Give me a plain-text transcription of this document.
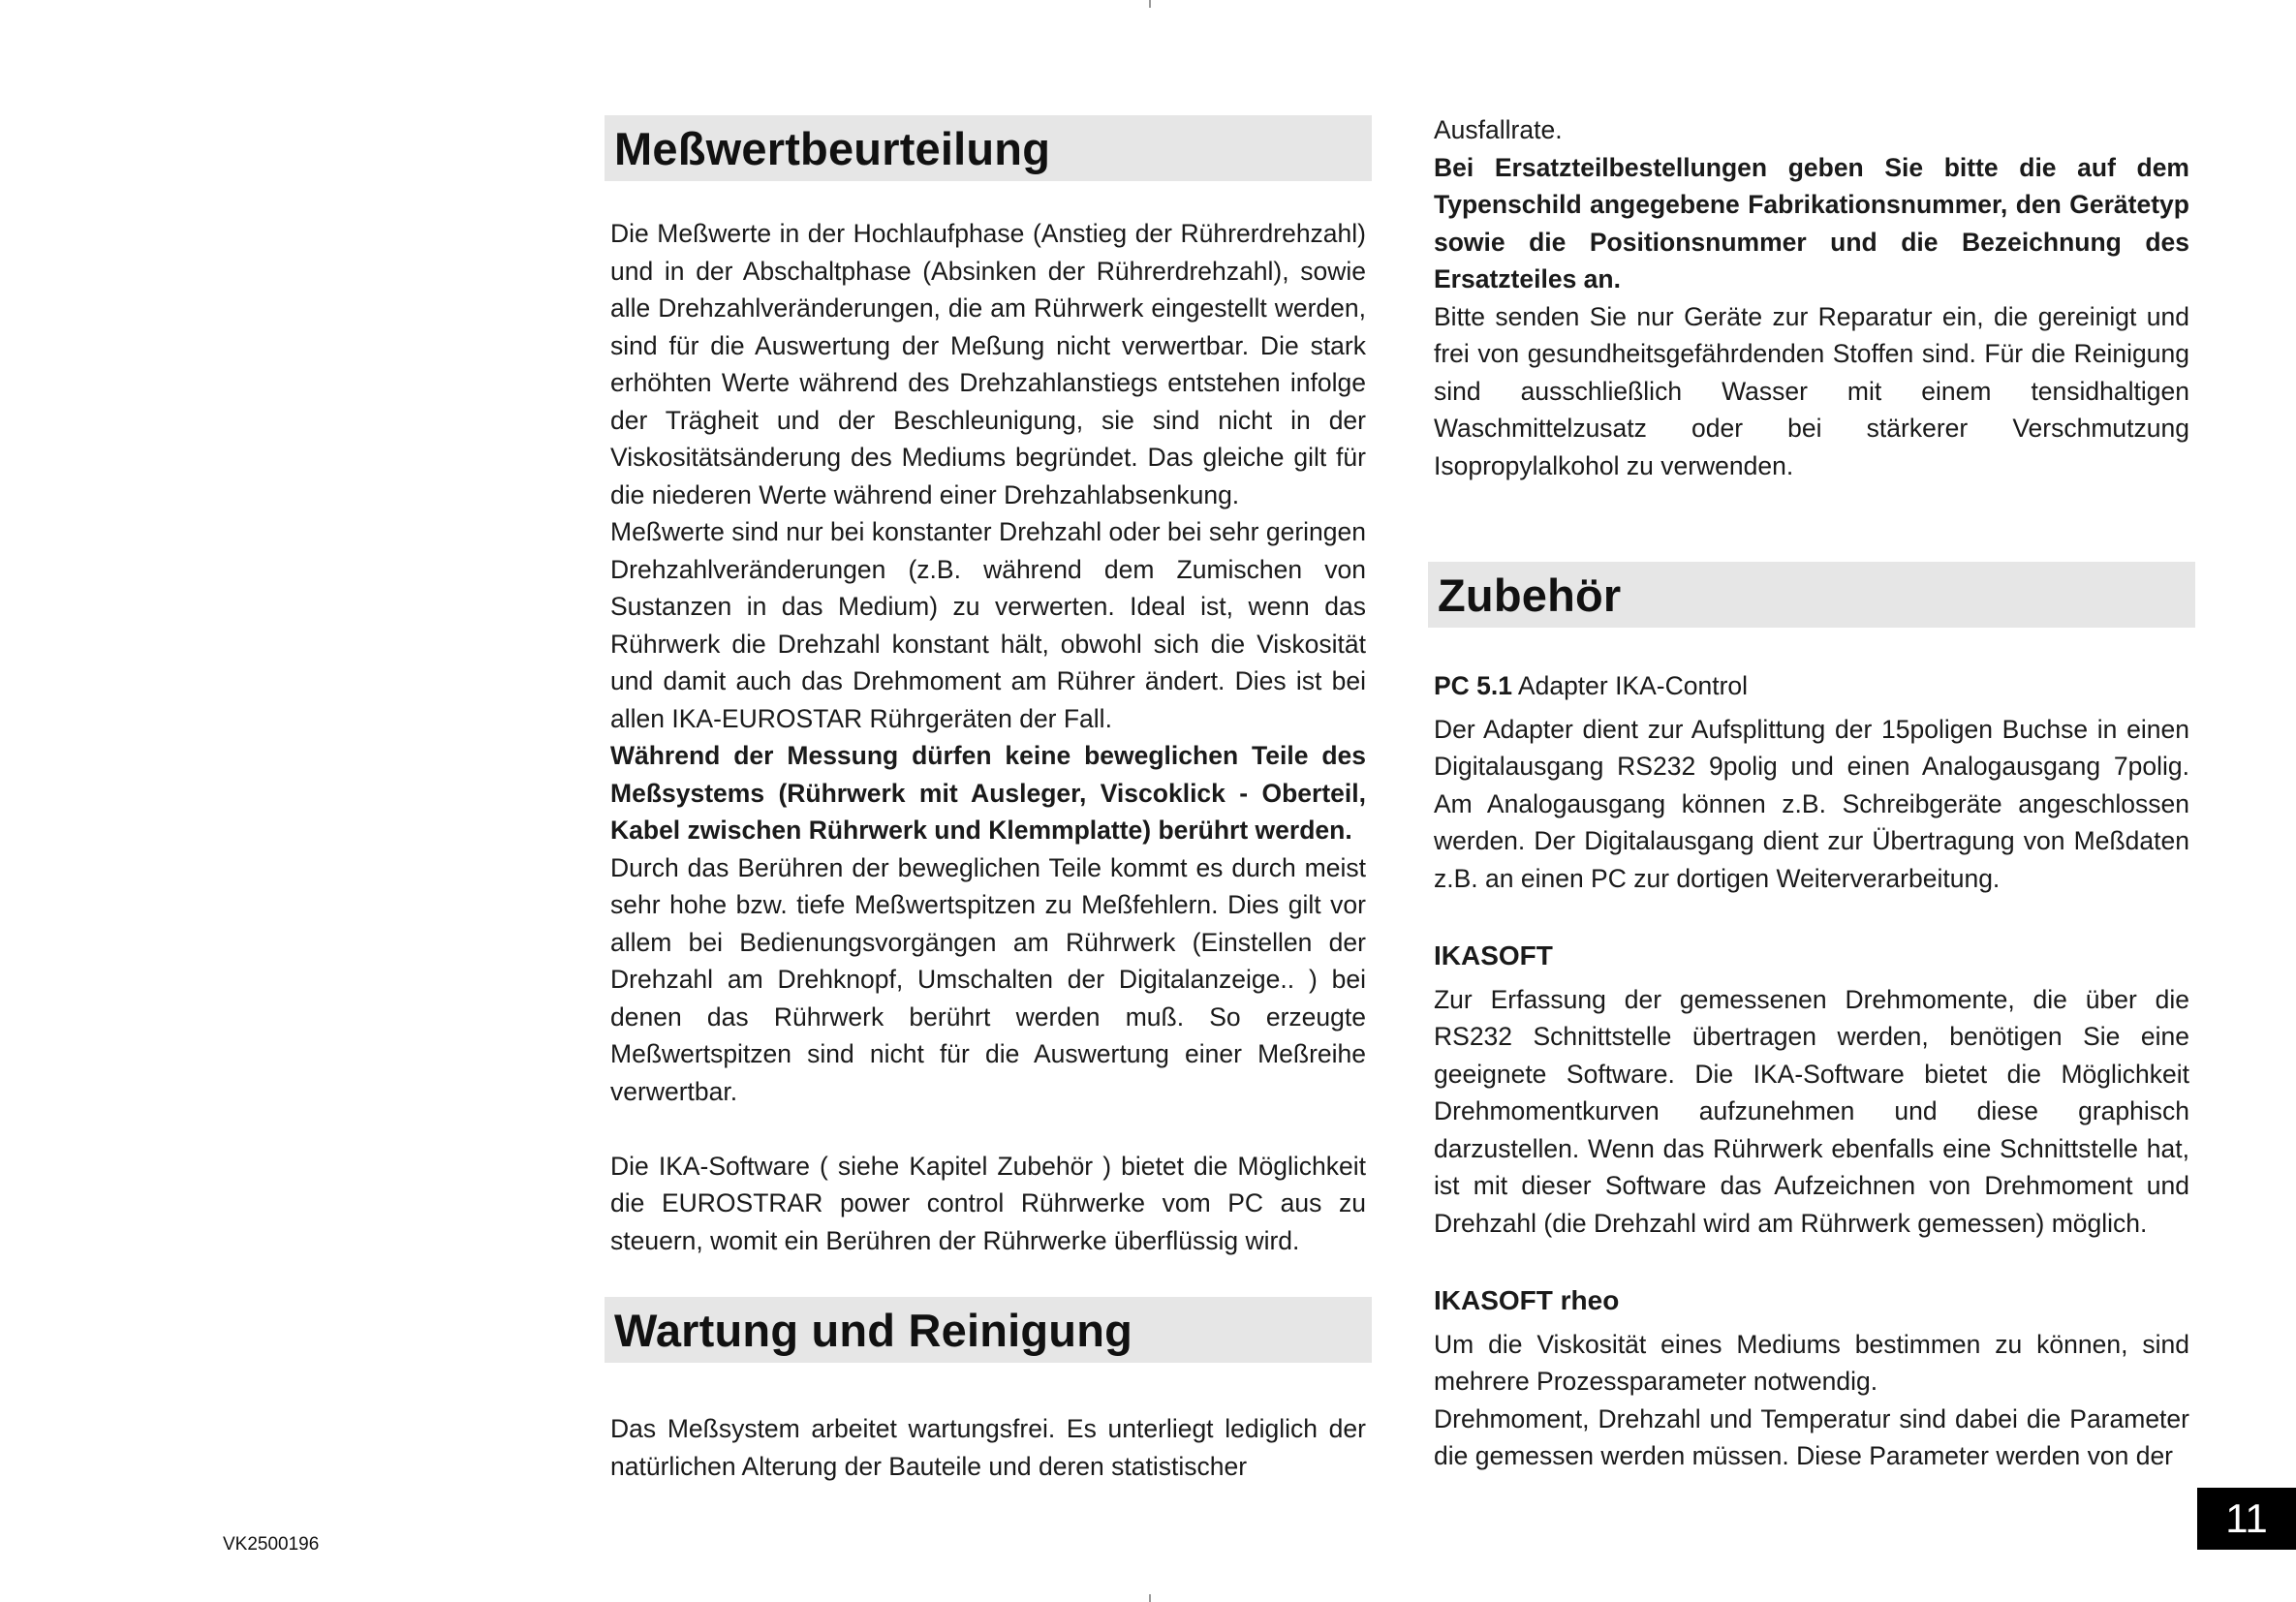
Meßwertbeurteilung

Die Meßwerte in der Hochlaufphase (Anstieg der Rührerdrehzahl) und in der Abschaltphase (Absinken der Rührerdrehzahl), sowie alle Drehzahlveränderungen, die am Rührwerk eingestellt werden, sind für die Auswertung der Meßung nicht verwertbar. Die stark erhöhten Werte während des Drehzahlanstiegs entstehen infolge der Trägheit und der Beschleunigung, sie sind nicht in der Viskositätsänderung des Mediums begründet. Das gleiche gilt für die niederen Werte während einer Drehzahlabsenkung.

Meßwerte sind nur bei konstanter Drehzahl oder bei sehr geringen Drehzahlveränderungen (z.B. während dem Zumischen von Sustanzen in das Medium) zu verwerten. Ideal ist, wenn das Rührwerk die Drehzahl konstant hält, obwohl sich die Viskosität und damit auch das Drehmoment am Rührer ändert. Dies ist bei allen IKA-EUROSTAR Rührgeräten der Fall.

Während der Messung dürfen keine beweglichen Teile des Meßsystems (Rührwerk mit Ausleger, Viscoklick - Oberteil, Kabel zwischen Rührwerk und Klemmplatte) berührt werden.

Durch das Berühren der beweglichen Teile kommt es durch meist sehr hohe bzw. tiefe Meßwertspitzen zu Meßfehlern. Dies gilt vor allem bei Bedienungsvorgängen am Rührwerk (Einstellen der Drehzahl am Drehknopf, Umschalten der Digitalanzeige.. ) bei denen das Rührwerk berührt werden muß. So erzeugte Meßwertspitzen sind nicht für die Auswertung einer Meßreihe verwertbar.

Die IKA-Software ( siehe Kapitel Zubehör ) bietet die Möglichkeit die EUROSTRAR power control Rührwerke vom PC aus zu steuern, womit ein Berühren der Rührwerke überflüssig wird.

Wartung und Reinigung

Das Meßsystem arbeitet wartungsfrei. Es unterliegt lediglich der natürlichen Alterung der Bauteile und deren statistischer

Ausfallrate.

Bei Ersatzteilbestellungen geben Sie bitte die auf dem Typenschild angegebene Fabrikationsnummer, den Gerätetyp sowie die Positionsnummer und die Bezeichnung des Ersatzteiles an.

Bitte senden Sie nur Geräte zur Reparatur ein, die gereinigt und frei von gesundheitsgefährdenden Stoffen sind. Für die Reinigung sind ausschließlich Wasser mit einem tensidhaltigen Waschmittelzusatz oder bei stärkerer Verschmutzung Isopropylalkohol zu verwenden.

Zubehör

PC 5.1 Adapter IKA-Control

Der Adapter dient zur Aufsplittung der 15poligen Buchse in einen Digitalausgang RS232 9polig und einen Analogausgang 7polig. Am Analogausgang können z.B. Schreibgeräte angeschlossen werden. Der Digitalausgang dient zur Übertragung von Meßdaten z.B. an einen PC zur dortigen Weiterverarbeitung.

IKASOFT

Zur Erfassung der gemessenen Drehmomente, die über die RS232 Schnittstelle übertragen werden, benötigen Sie eine geeignete Software. Die IKA-Software bietet die Möglichkeit Drehmomentkurven aufzunehmen und diese graphisch darzustellen. Wenn das Rührwerk ebenfalls eine Schnittstelle hat, ist mit dieser Software das Aufzeichnen von Drehmoment und Drehzahl (die Drehzahl wird am Rührwerk gemessen) möglich.

IKASOFT rheo

Um die Viskosität eines Mediums bestimmen zu können, sind mehrere Prozessparameter notwendig.

Drehmoment, Drehzahl und Temperatur sind dabei die Parameter die gemessen werden müssen. Diese Parameter werden von der

VK2500196
11
